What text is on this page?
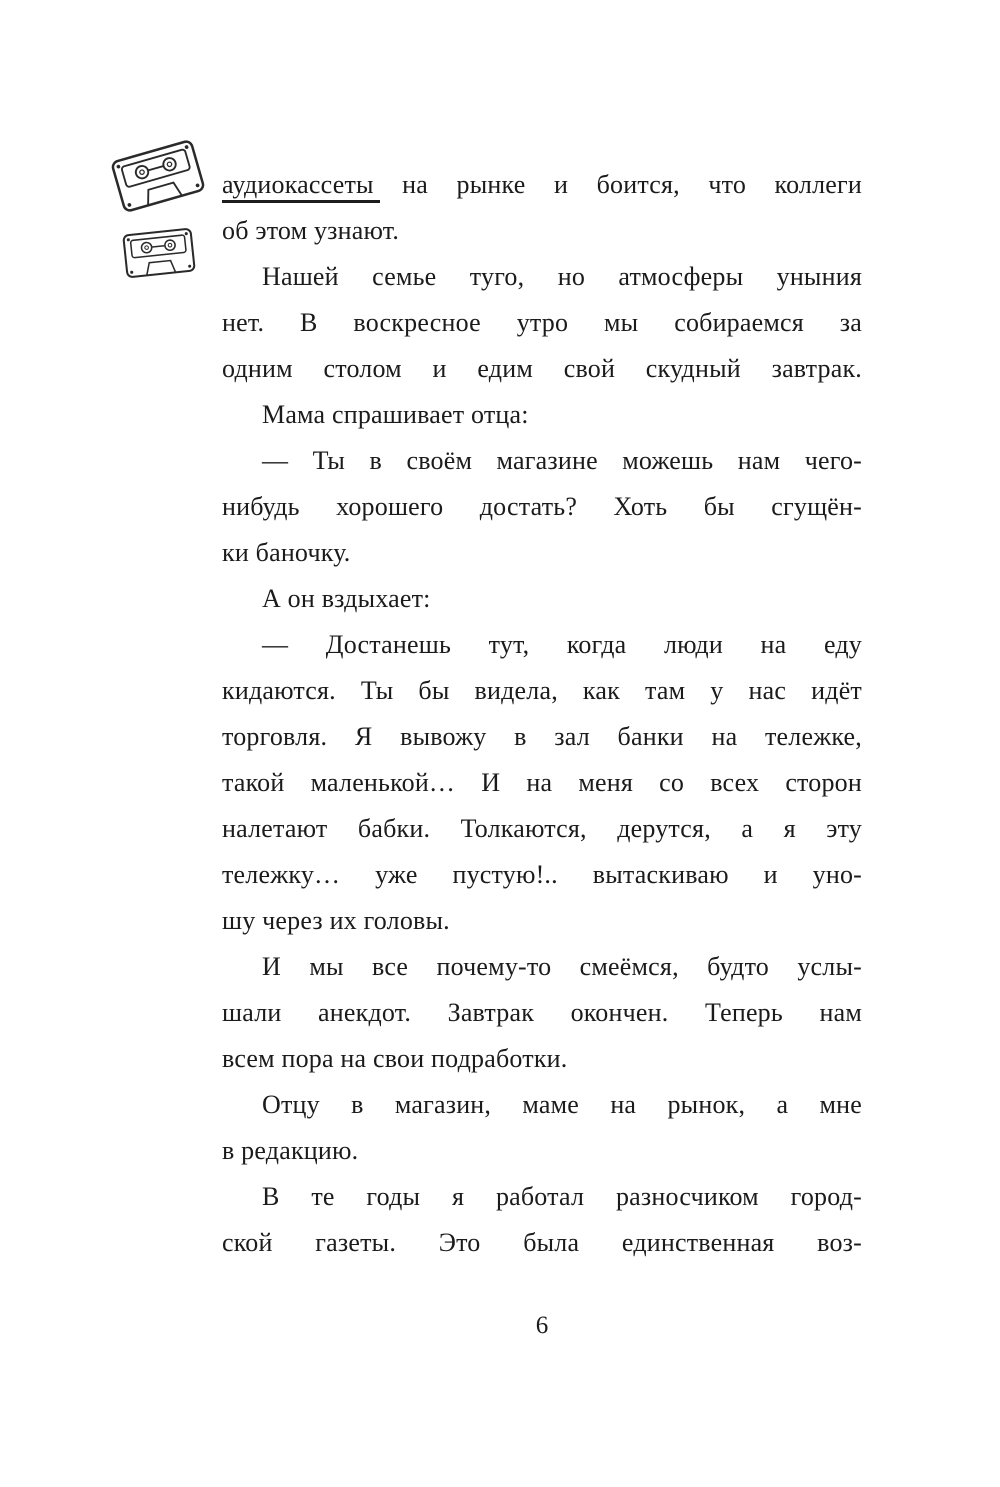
аудиокассеты на рынке и боится, что коллеги
об этом узнают.
Нашей семье туго, но атмосферы уныния
нет. В воскресное утро мы собираемся за
одним столом и едим свой скудный завтрак.
Мама спрашивает отца:
— Ты в своём магазине можешь нам чего-
нибудь хорошего достать? Хоть бы сгущён-
ки баночку.
А он вздыхает:
— Достанешь тут, когда люди на еду
кидаются. Ты бы видела, как там у нас идёт
торговля. Я вывожу в зал банки на тележке,
такой маленькой… И на меня со всех сторон
налетают бабки. Толкаются, дерутся, а я эту
тележку… уже пустую!.. вытаскиваю и уно-
шу через их головы.
И мы все почему-то смеёмся, будто услы-
шали анекдот. Завтрак окончен. Теперь нам
всем пора на свои подработки.
Отцу в магазин, маме на рынок, а мне
в редакцию.
В те годы я работал разносчиком город-
ской газеты. Это была единственная воз-
6
